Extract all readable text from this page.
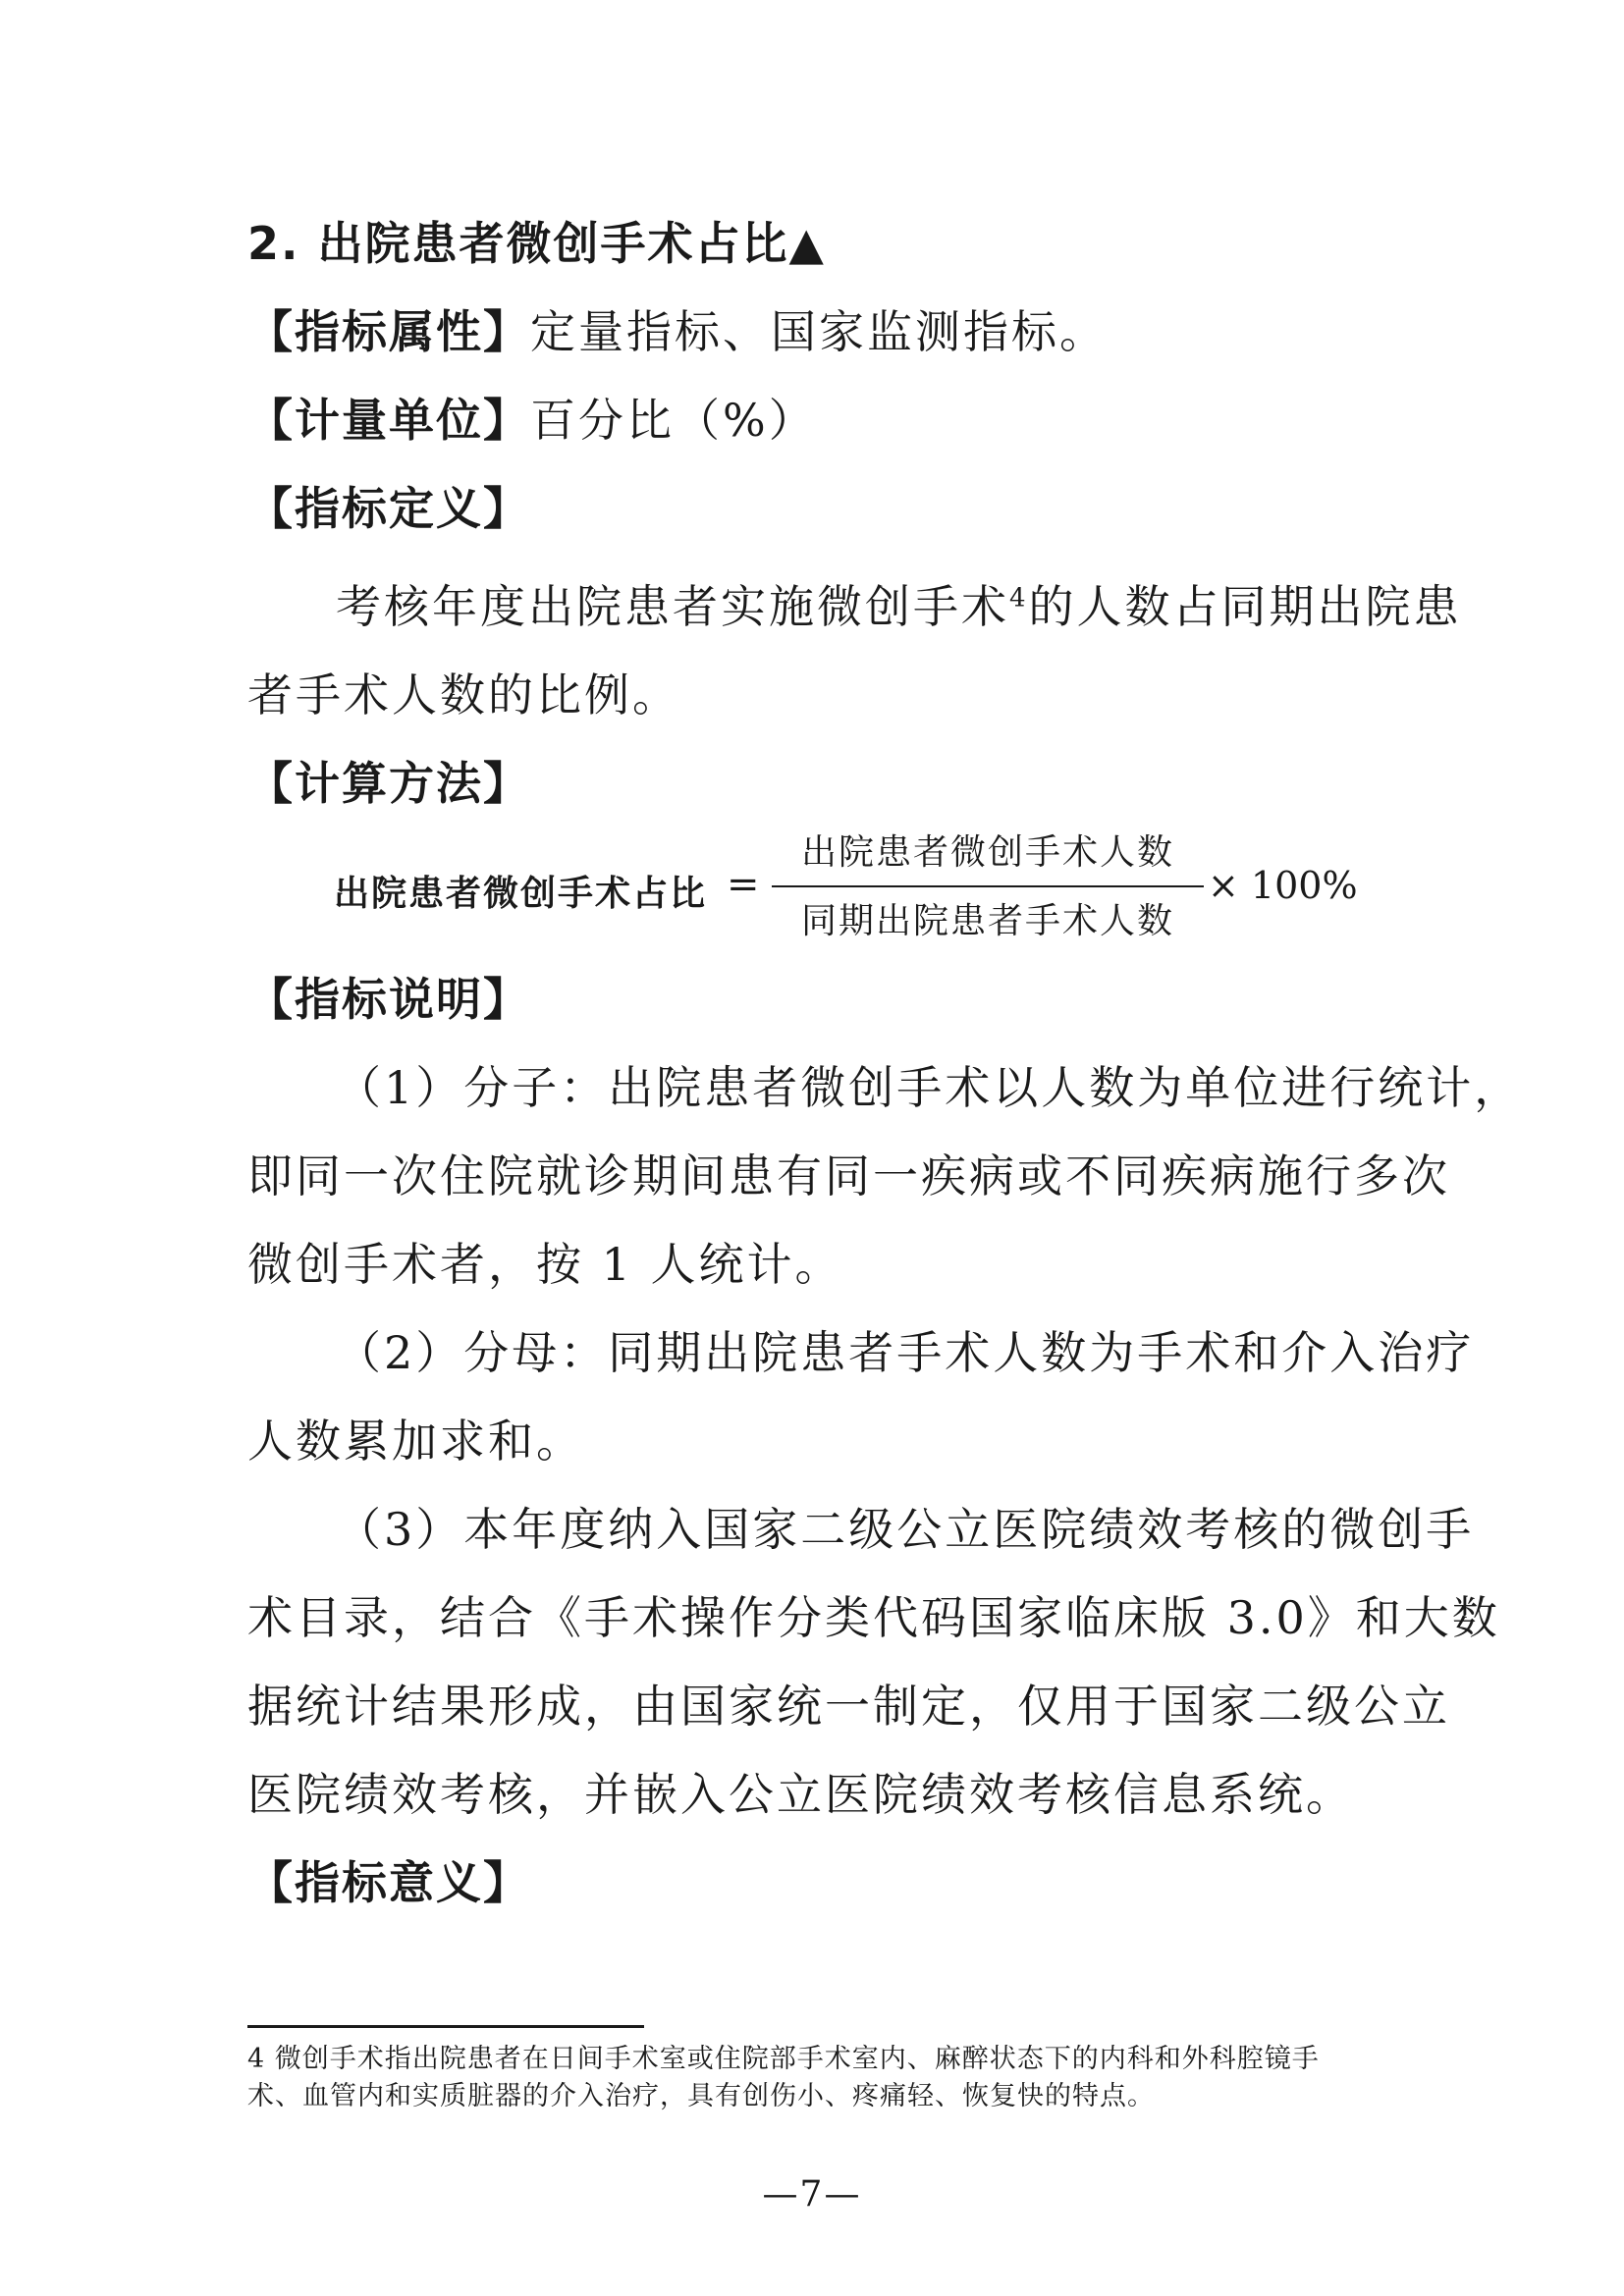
2. 出院患者微创手术占比▲
【指标属性】定量指标、国家监测指标。
【计量单位】百分比（%）
【指标定义】
考核年度出院患者实施微创手术$^4$的人数占同期出院患
者手术人数的比例。
【计算方法】
出院患者微创手术占比 =
出院患者微创手术人数
同期出院患者手术人数
× 100%
【指标说明】
（1）分子：出院患者微创手术以人数为单位进行统计，
即同一次住院就诊期间患有同一疾病或不同疾病施行多次
微创手术者，按 1 人统计。
（2）分母：同期出院患者手术人数为手术和介入治疗
人数累加求和。
（3）本年度纳入国家二级公立医院绩效考核的微创手
术目录，结合《手术操作分类代码国家临床版 3.0》和大数
据统计结果形成，由国家统一制定，仅用于国家二级公立
医院绩效考核，并嵌入公立医院绩效考核信息系统。
【指标意义】
4 微创手术指出院患者在日间手术室或住院部手术室内、麻醉状态下的内科和外科腔镜手
术、血管内和实质脏器的介入治疗，具有创伤小、疼痛轻、恢复快的特点。
—7—
